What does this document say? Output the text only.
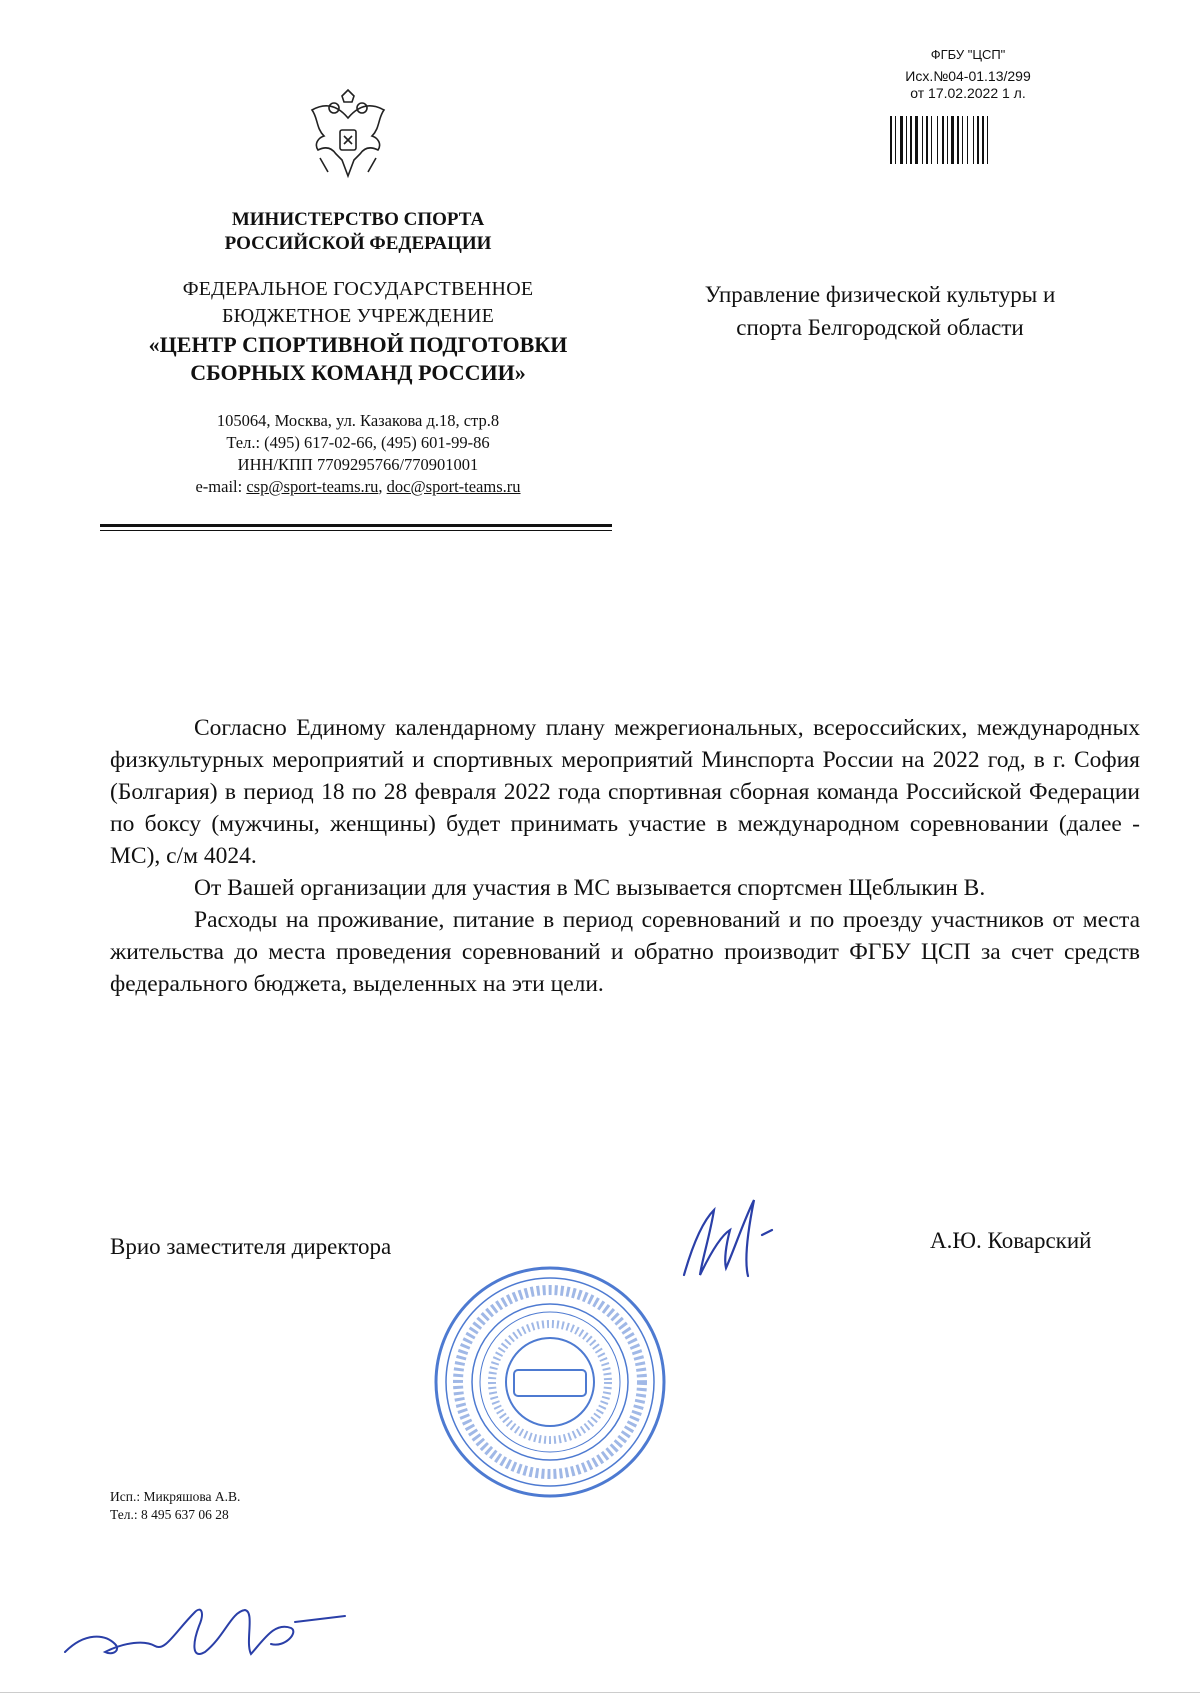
ФГБУ "ЦСП"
Исх.№04-01.13/299
от 17.02.2022 1 л.
МИНИСТЕРСТВО СПОРТА
РОССИЙСКОЙ ФЕДЕРАЦИИ
ФЕДЕРАЛЬНОЕ ГОСУДАРСТВЕННОЕ
БЮДЖЕТНОЕ УЧРЕЖДЕНИЕ
«ЦЕНТР СПОРТИВНОЙ ПОДГОТОВКИ
СБОРНЫХ КОМАНД РОССИИ»
105064, Москва, ул. Казакова д.18, стр.8
Тел.: (495) 617-02-66, (495) 601-99-86
ИНН/КПП 7709295766/770901001
e-mail: csp@sport-teams.ru, doc@sport-teams.ru
Управление физической культуры и
спорта Белгородской области

Согласно Единому календарному плану межрегиональных, всероссийских, международных физкультурных мероприятий и спортивных мероприятий Минспорта России на 2022 год, в г. София (Болгария) в период 18 по 28 февраля 2022 года спортивная сборная команда Российской Федерации по боксу (мужчины, женщины) будет принимать участие в международном соревновании (далее - МС), с/м 4024.

От Вашей организации для участия в МС вызывается спортсмен Щеблыкин В.

Расходы на проживание, питание в период соревнований и по проезду участников от места жительства до места проведения соревнований и обратно производит ФГБУ ЦСП за счет средств федерального бюджета, выделенных на эти цели.

Врио заместителя директора	А.Ю. Коварский
Исп.: Микряшова А.В.
Тел.: 8 495 637 06 28
